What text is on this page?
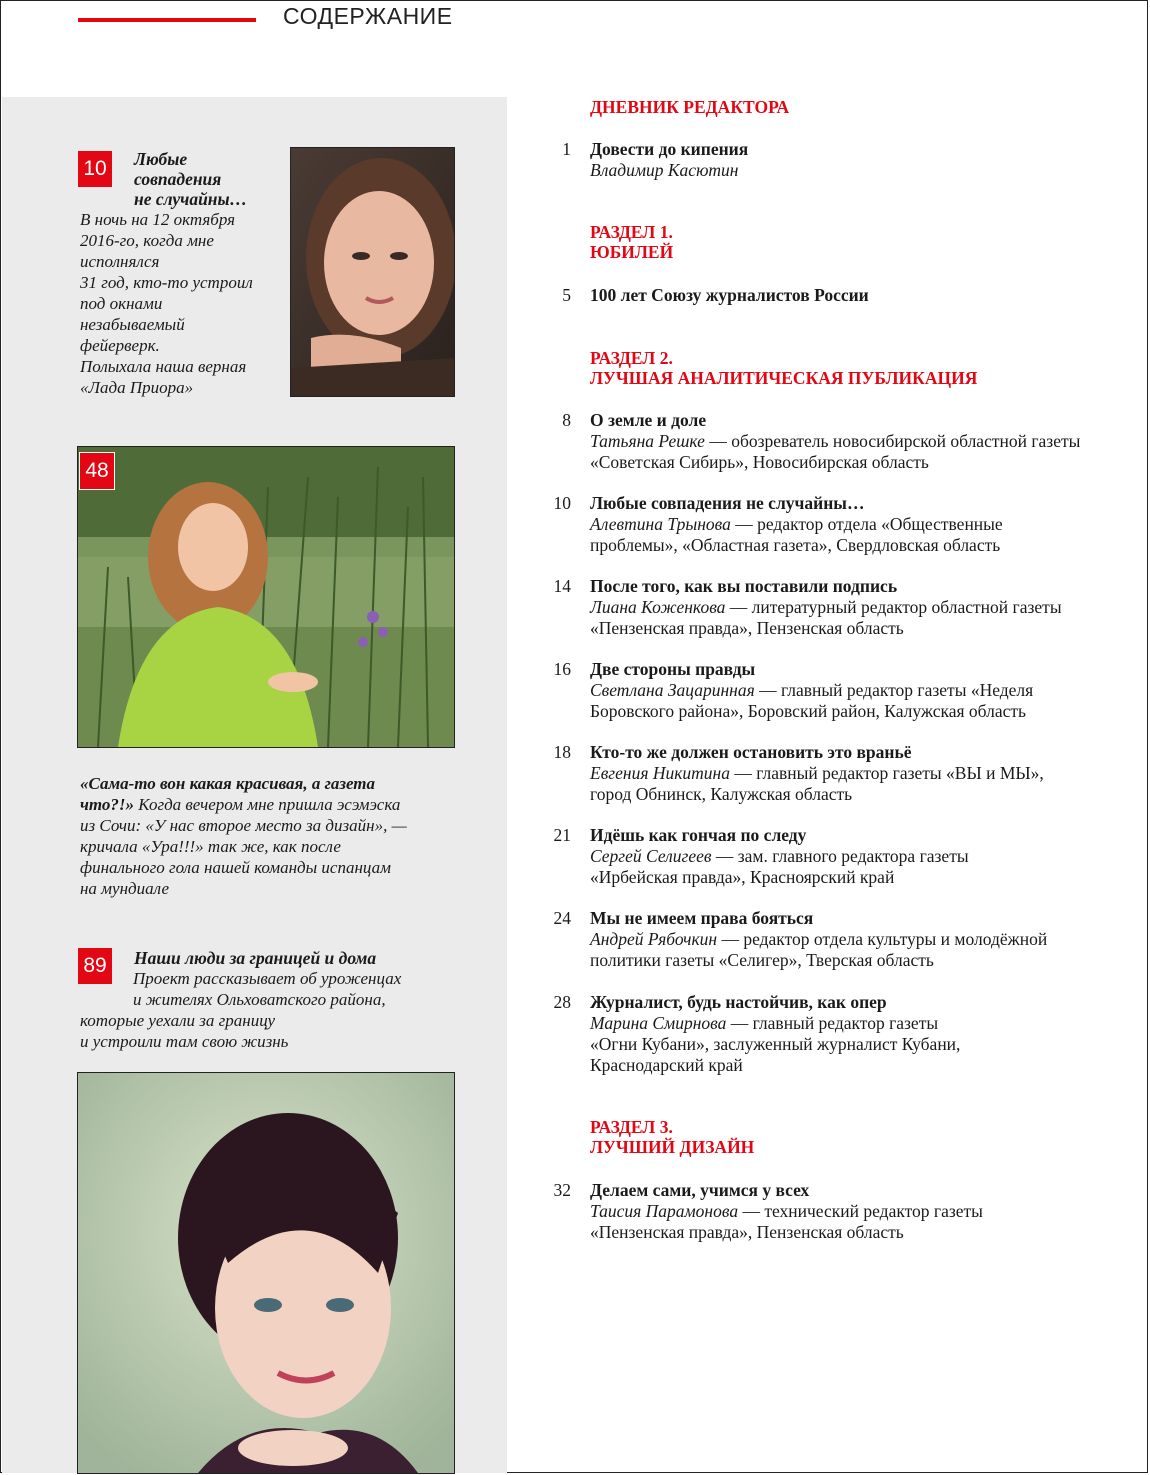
СОДЕРЖАНИЕ
10	Любые
совпадения
не случайны…
В ночь на 12 октября
2016-го, когда мне
исполнялся
31 год, кто-то устроил
под окнами
незабываемый
фейерверк.
Полыхала наша верная
«Лада Приора»
48
«Сама-то вон какая красивая, а газета
что?!» Когда вечером мне пришла эсэмэска
из Сочи: «У нас второе место за дизайн», —
кричала «Ура!!!» так же, как после
финального гола нашей команды испанцам
на мундиале
89	Наши люди за границей и дома
Проект рассказывает об уроженцах
и жителях Ольховатского района,
которые уехали за границу
и устроили там свою жизнь
ДНЕВНИК РЕДАКТОРА
1 Довести до кипения
Владимир Касютин
РАЗДЕЛ 1.
ЮБИЛЕЙ
5 100 лет Союзу журналистов России
РАЗДЕЛ 2.
ЛУЧШАЯ АНАЛИТИЧЕСКАЯ ПУБЛИКАЦИЯ
8 О земле и доле
Татьяна Решке — обозреватель новосибирской областной газеты
«Советская Сибирь», Новосибирская область
10 Любые совпадения не случайны…
Алевтина Трынова — редактор отдела «Общественные
проблемы», «Областная газета», Свердловская область
14 После того, как вы поставили подпись
Лиана Коженкова — литературный редактор областной газеты
«Пензенская правда», Пензенская область
16 Две стороны правды
Светлана Зацаринная — главный редактор газеты «Неделя
Боровского района», Боровский район, Калужская область
18 Кто-то же должен остановить это враньё
Евгения Никитина — главный редактор газеты «ВЫ и МЫ»,
город Обнинск, Калужская область
21 Идёшь как гончая по следу
Сергей Селигеев — зам. главного редактора газеты
«Ирбейская правда», Красноярский край
24 Мы не имеем права бояться
Андрей Рябочкин — редактор отдела культуры и молодёжной
политики газеты «Селигер», Тверская область
28 Журналист, будь настойчив, как опер
Марина Смирнова — главный редактор газеты
«Огни Кубани», заслуженный журналист Кубани,
Краснодарский край
РАЗДЕЛ 3.
ЛУЧШИЙ ДИЗАЙН
32 Делаем сами, учимся у всех
Таисия Парамонова — технический редактор газеты
«Пензенская правда», Пензенская область
